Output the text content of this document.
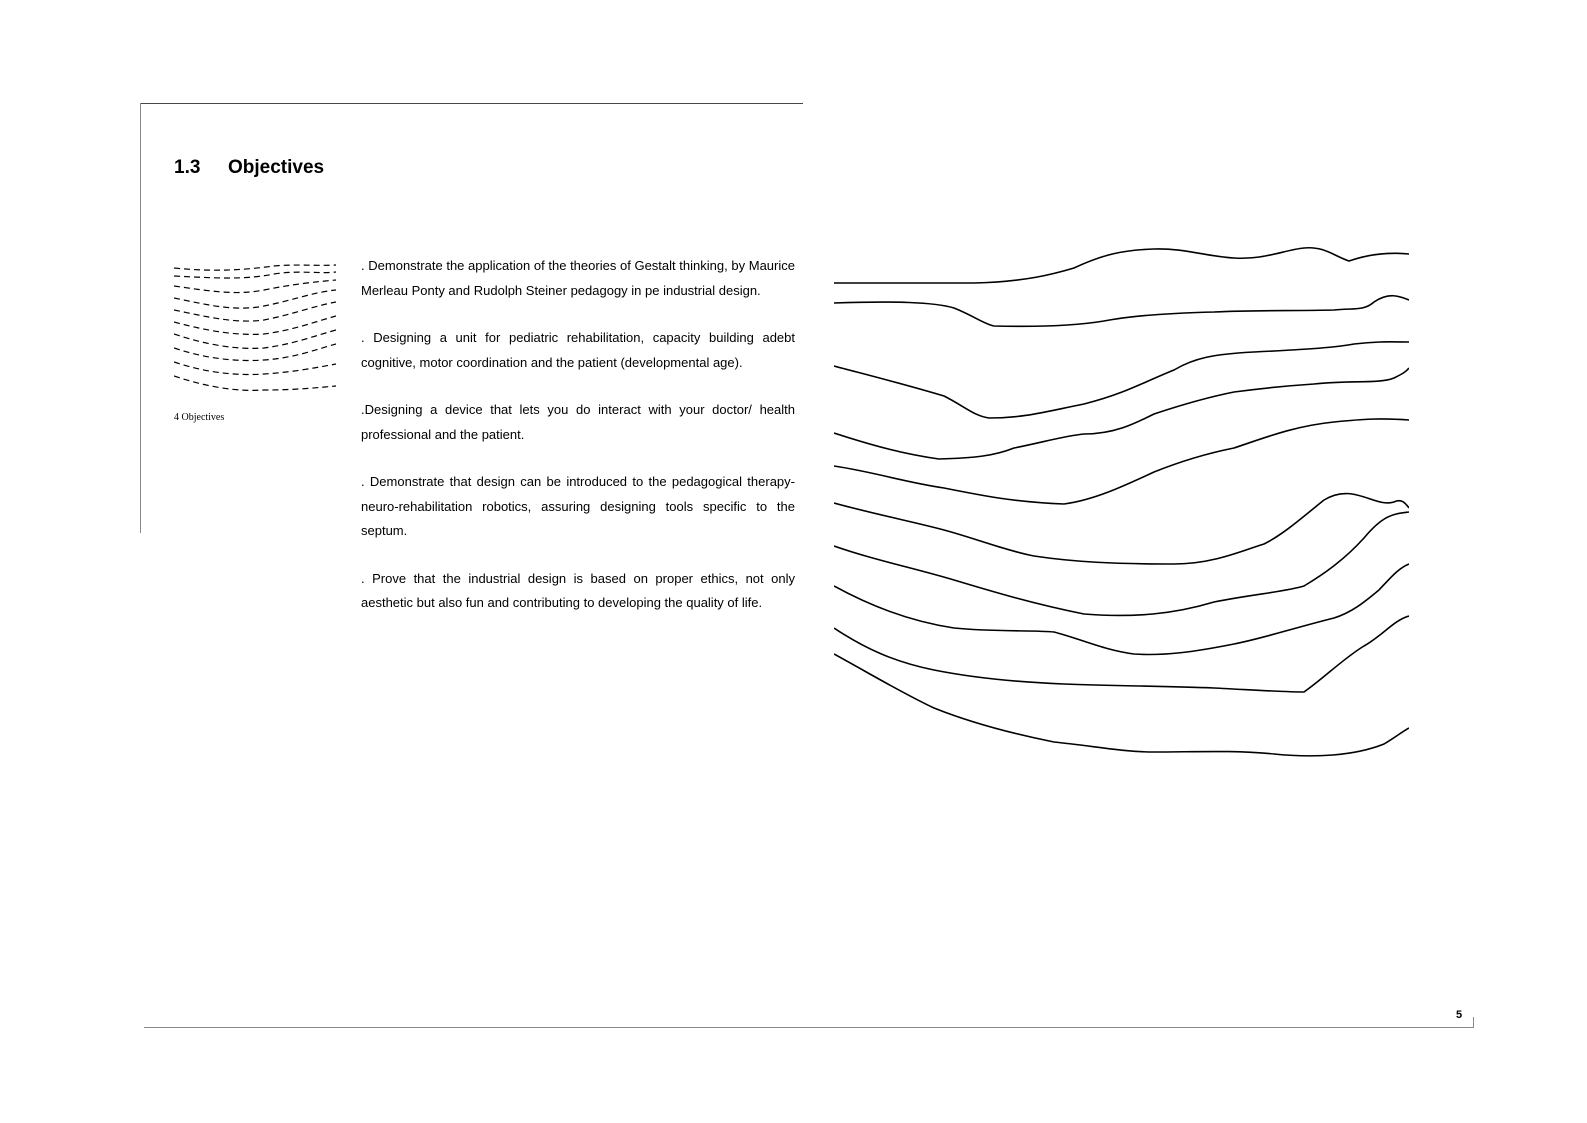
1.3 Objectives
4 Objectives

. Demonstrate the application of the theories of Gestalt thinking, by Maurice Merleau Ponty and Rudolph Steiner pedagogy in pe industrial design.

. Designing a unit for pediatric rehabilitation, capacity building adebt cognitive, motor coordination and the patient (developmental age).

.Designing a device that lets you do interact with your doctor/ health professional and the patient.

. Demonstrate that design can be introduced to the pedagogical therapy-neuro-rehabilitation robotics, assuring designing tools specific to the septum.

. Prove that the industrial design is based on proper ethics, not only aesthetic but also fun and contributing to developing the quality of life.

5
